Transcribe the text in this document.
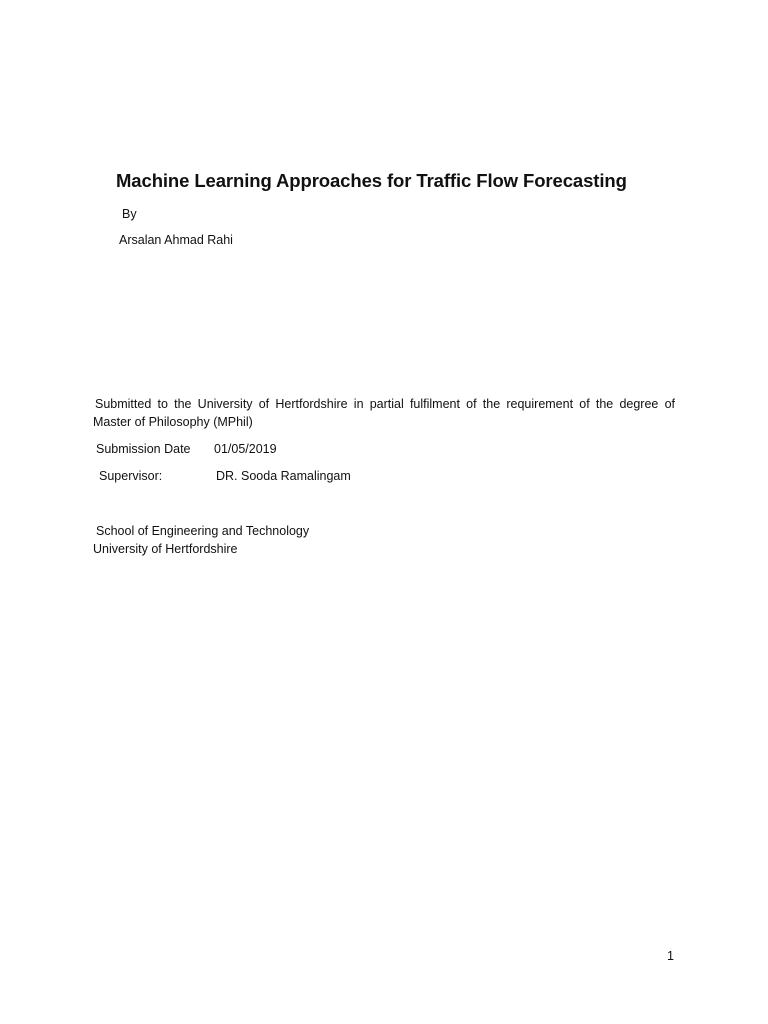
Machine Learning Approaches for Traffic Flow Forecasting
By
Arsalan Ahmad Rahi
Submitted to the University of Hertfordshire in partial fulfilment of the requirement of the degree of Master of Philosophy (MPhil)
Submission Date 01/05/2019
Supervisor:	DR. Sooda Ramalingam
School of Engineering and Technology
University of Hertfordshire
1
